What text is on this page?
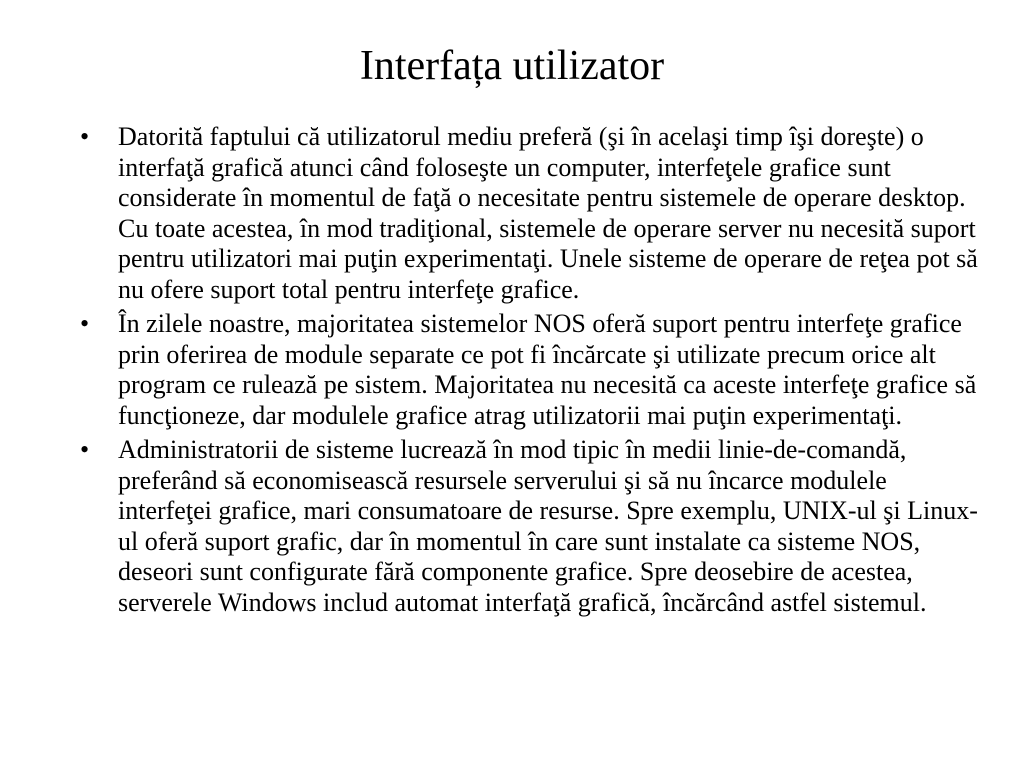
Interfața utilizator
• Datorită faptului că utilizatorul mediu preferă (şi în acelaşi timp îşi doreşte) o interfaţă grafică atunci când foloseşte un computer, interfeţele grafice sunt considerate în momentul de faţă o necesitate pentru sistemele de operare desktop. Cu toate acestea, în mod tradiţional, sistemele de operare server nu necesită suport pentru utilizatori mai puţin experimentaţi. Unele sisteme de operare de reţea pot să nu ofere suport total pentru interfeţe grafice.
• În zilele noastre, majoritatea sistemelor NOS oferă suport pentru interfeţe grafice prin oferirea de module separate ce pot fi încărcate şi utilizate precum orice alt program ce rulează pe sistem. Majoritatea nu necesită ca aceste interfeţe grafice să funcţioneze, dar modulele grafice atrag utilizatorii mai puţin experimentaţi.
• Administratorii de sisteme lucrează în mod tipic în medii linie-de-comandă, preferând să economisească resursele serverului şi să nu încarce modulele interfeţei grafice, mari consumatoare de resurse. Spre exemplu, UNIX-ul şi Linux-ul oferă suport grafic, dar în momentul în care sunt instalate ca sisteme NOS, deseori sunt configurate fără componente grafice. Spre deosebire de acestea, serverele Windows includ automat interfaţă grafică, încărcând astfel sistemul.
